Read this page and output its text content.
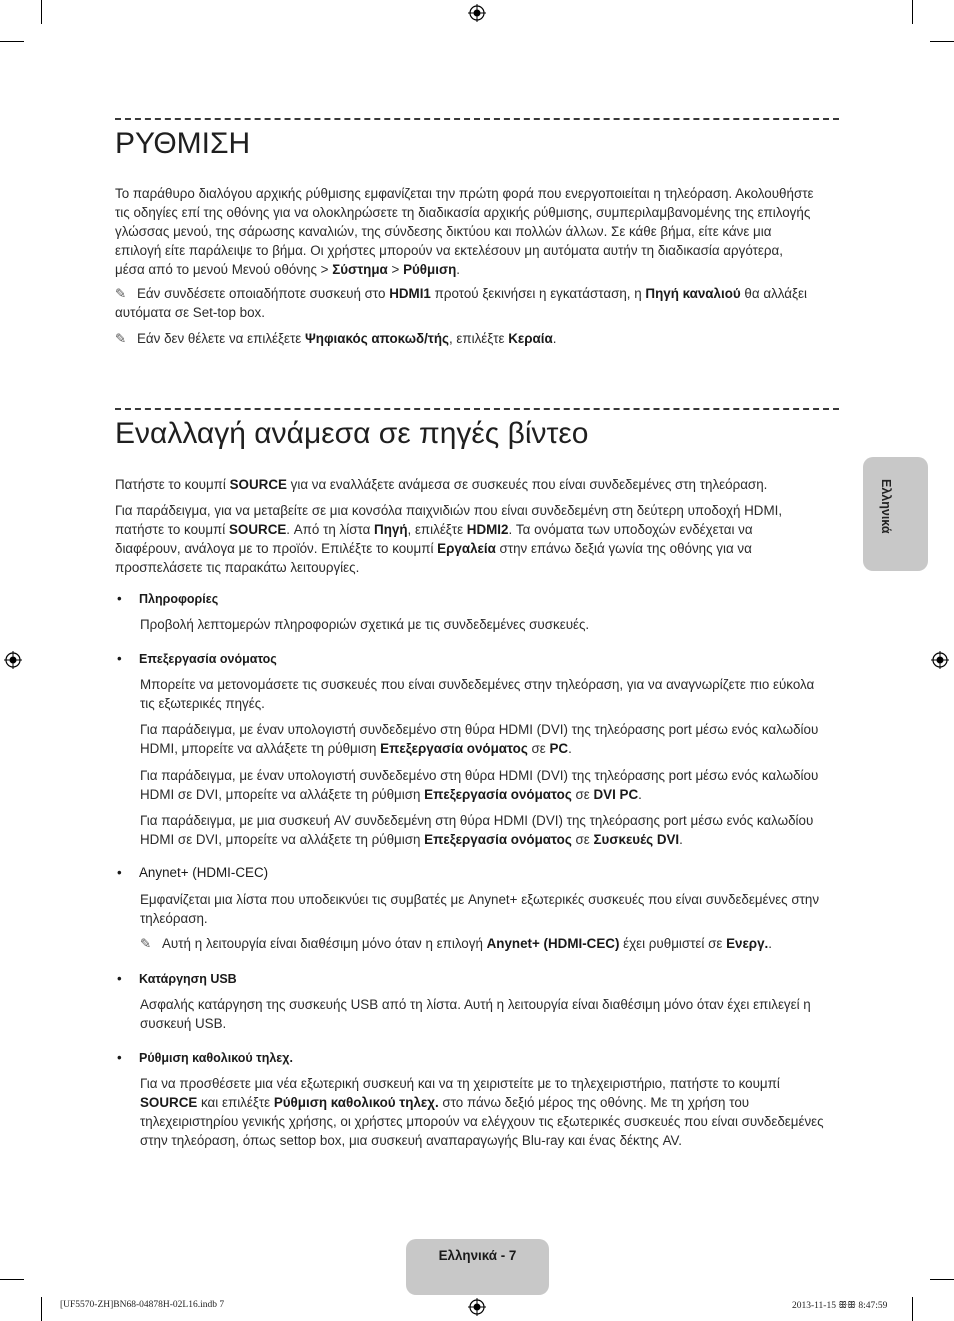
ΡΥΘΜΙΣΗ

Το παράθυρο διαλόγου αρχικής ρύθμισης εμφανίζεται την πρώτη φορά που ενεργοποιείται η τηλεόραση. Ακολουθήστε τις οδηγίες επί της οθόνης για να ολοκληρώσετε τη διαδικασία αρχικής ρύθμισης, συμπεριλαμβανομένης της επιλογής γλώσσας μενού, της σάρωσης καναλιών, της σύνδεσης δικτύου και πολλών άλλων. Σε κάθε βήμα, είτε κάνε μια επιλογή είτε παράλειψε το βήμα. Οι χρήστες μπορούν να εκτελέσουν μη αυτόματα αυτήν τη διαδικασία αργότερα, μέσα από το μενού Μενού οθόνης > Σύστημα > Ρύθμιση.

✎ Εάν συνδέσετε οποιαδήποτε συσκευή στο HDMI1 προτού ξεκινήσει η εγκατάσταση, η Πηγή καναλιού θα αλλάξει αυτόματα σε Set-top box.

✎ Εάν δεν θέλετε να επιλέξετε Ψηφιακός αποκωδ/τής, επιλέξτε Κεραία.

Εναλλαγή ανάμεσα σε πηγές βίντεο

Πατήστε το κουμπί SOURCE για να εναλλάξετε ανάμεσα σε συσκευές που είναι συνδεδεμένες στη τηλεόραση.

Για παράδειγμα, για να μεταβείτε σε μια κονσόλα παιχνιδιών που είναι συνδεδεμένη στη δεύτερη υποδοχή HDMI, πατήστε το κουμπί SOURCE. Από τη λίστα Πηγή, επιλέξτε HDMI2. Τα ονόματα των υποδοχών ενδέχεται να διαφέρουν, ανάλογα με το προϊόν. Επιλέξτε το κουμπί Εργαλεία στην επάνω δεξιά γωνία της οθόνης για να προσπελάσετε τις παρακάτω λειτουργίες.

• Πληροφορίες

Προβολή λεπτομερών πληροφοριών σχετικά με τις συνδεδεμένες συσκευές.

• Επεξεργασία ονόματος

Μπορείτε να μετονομάσετε τις συσκευές που είναι συνδεδεμένες στην τηλεόραση, για να αναγνωρίζετε πιο εύκολα τις εξωτερικές πηγές.

Για παράδειγμα, με έναν υπολογιστή συνδεδεμένο στη θύρα HDMI (DVI) της τηλεόρασης port μέσω ενός καλωδίου HDMI, μπορείτε να αλλάξετε τη ρύθμιση Επεξεργασία ονόματος σε PC.

Για παράδειγμα, με έναν υπολογιστή συνδεδεμένο στη θύρα HDMI (DVI) της τηλεόρασης port μέσω ενός καλωδίου HDMI σε DVI, μπορείτε να αλλάξετε τη ρύθμιση Επεξεργασία ονόματος σε DVI PC.

Για παράδειγμα, με μια συσκευή AV συνδεδεμένη στη θύρα HDMI (DVI) της τηλεόρασης port μέσω ενός καλωδίου HDMI σε DVI, μπορείτε να αλλάξετε τη ρύθμιση Επεξεργασία ονόματος σε Συσκευές DVI.

• Anynet+ (HDMI-CEC)

Εμφανίζεται μια λίστα που υποδεικνύει τις συμβατές με Anynet+ εξωτερικές συσκευές που είναι συνδεδεμένες στην τηλεόραση.

✎ Αυτή η λειτουργία είναι διαθέσιμη μόνο όταν η επιλογή Anynet+ (HDMI-CEC) έχει ρυθμιστεί σε Ενεργ..

• Κατάργηση USB

Ασφαλής κατάργηση της συσκευής USB από τη λίστα. Αυτή η λειτουργία είναι διαθέσιμη μόνο όταν έχει επιλεγεί η συσκευή USB.

• Ρύθμιση καθολικού τηλεχ.

Για να προσθέσετε μια νέα εξωτερική συσκευή και να τη χειριστείτε με το τηλεχειριστήριο, πατήστε το κουμπί SOURCE και επιλέξτε Ρύθμιση καθολικού τηλεχ. στο πάνω δεξιό μέρος της οθόνης. Με τη χρήση του τηλεχειριστηρίου γενικής χρήσης, οι χρήστες μπορούν να ελέγχουν τις εξωτερικές συσκευές που είναι συνδεδεμένες στην τηλεόραση, όπως settop box, μια συσκευή αναπαραγωγής Blu-ray και ένας δέκτης AV.

Ελληνικά
Ελληνικά - 7
[UF5570-ZH]BN68-04878H-02L16.indb 7	2013-11-15 ꕥꕥ 8:47:59
